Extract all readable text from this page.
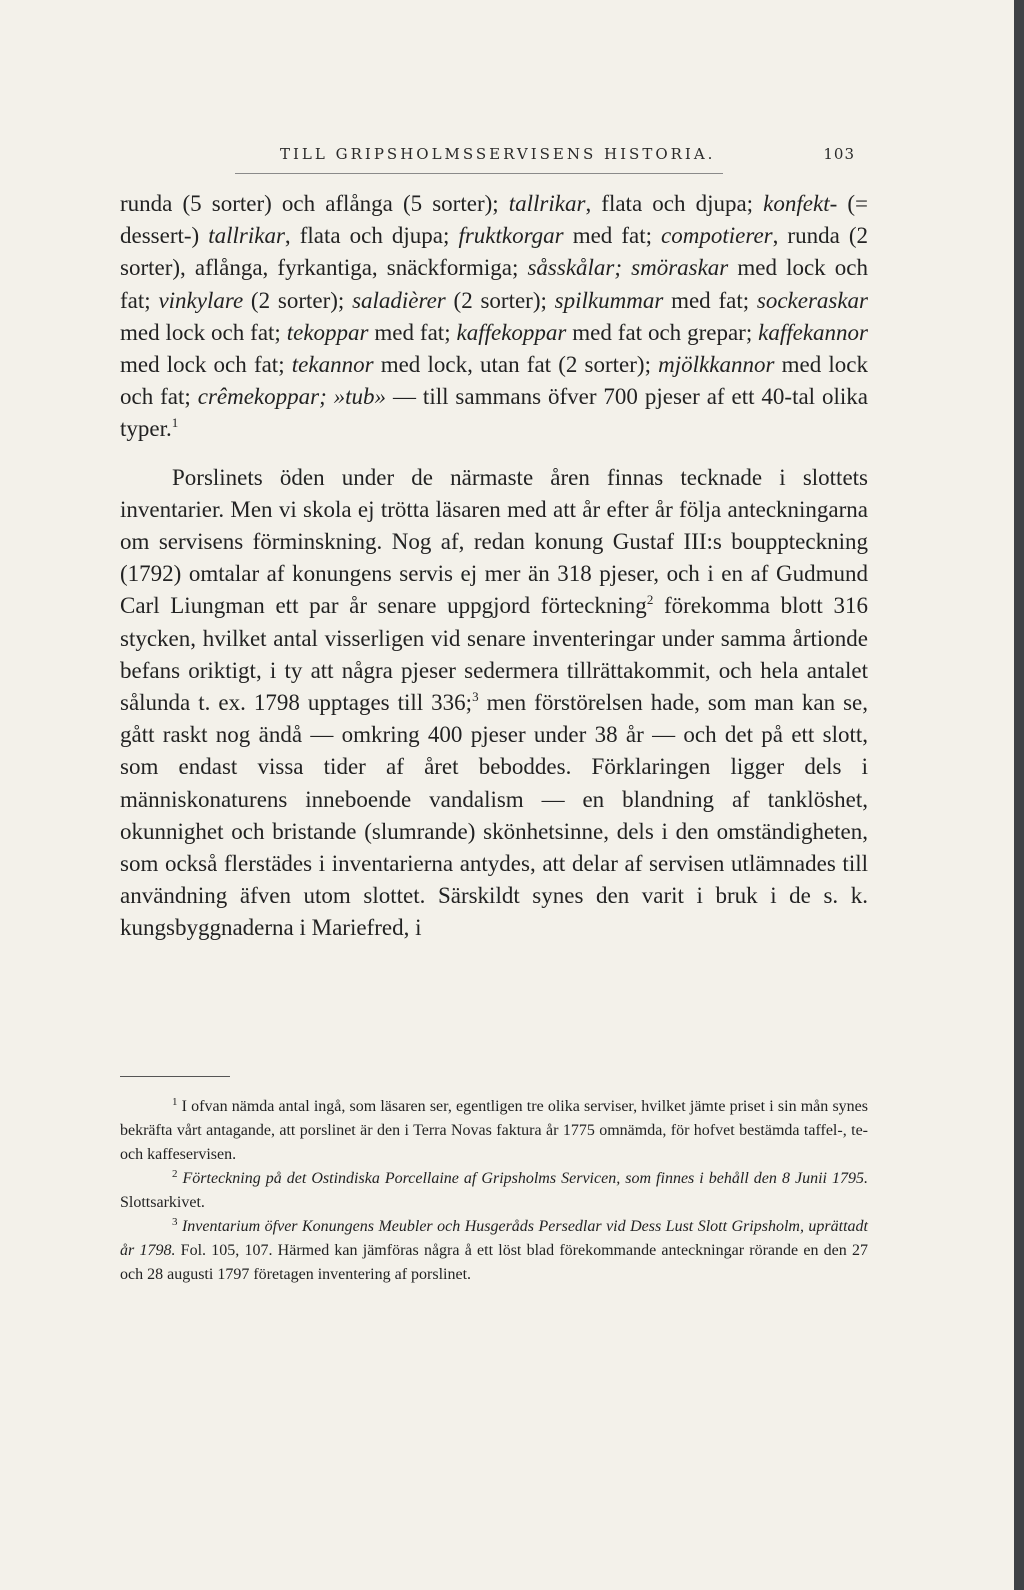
TILL GRIPSHOLMSSERVISENS HISTORIA.	103

runda (5 sorter) och aflånga (5 sorter); tallrikar, flata och djupa; konfekt- (= dessert-) tallrikar, flata och djupa; fruktkorgar med fat; compotierer, runda (2 sorter), aflånga, fyrkantiga, snäckformiga; såsskålar; smöraskar med lock och fat; vinkylare (2 sorter); saladièrer (2 sorter); spilkummar med fat; sockeraskar med lock och fat; tekoppar med fat; kaffekoppar med fat och grepar; kaffekannor med lock och fat; tekannor med lock, utan fat (2 sorter); mjölkkannor med lock och fat; crêmekoppar; »tub» — till sammans öfver 700 pjeser af ett 40-tal olika typer.$^1$

Porslinets öden under de närmaste åren finnas tecknade i slottets inventarier. Men vi skola ej trötta läsaren med att år efter år följa anteckningarna om servisens förminskning. Nog af, redan konung Gustaf III:s bouppteckning (1792) omtalar af konungens servis ej mer än 318 pjeser, och i en af Gudmund Carl Liungman ett par år senare uppgjord förteckning$^2$ förekomma blott 316 stycken, hvilket antal visserligen vid senare inventeringar under samma årtionde befans oriktigt, i ty att några pjeser sedermera tillrättakommit, och hela antalet sålunda t. ex. 1798 upptages till 336;$^3$ men förstörelsen hade, som man kan se, gått raskt nog ändå — omkring 400 pjeser under 38 år — och det på ett slott, som endast vissa tider af året beboddes. Förklaringen ligger dels i människonaturens inneboende vandalism — en blandning af tanklöshet, okunnighet och bristande (slumrande) skönhetsinne, dels i den omständigheten, som också flerstädes i inventarierna antydes, att delar af servisen utlämnades till användning äfven utom slottet. Särskildt synes den varit i bruk i de s. k. kungsbyggnaderna i Mariefred, i

$^1$ I ofvan nämda antal ingå, som läsaren ser, egentligen tre olika serviser, hvilket jämte priset i sin mån synes bekräfta vårt antagande, att porslinet är den i Terra Novas faktura år 1775 omnämda, för hofvet bestämda taffel-, te- och kaffeservisen.

$^2$ Förteckning på det Ostindiska Porcellaine af Gripsholms Servicen, som finnes i behåll den 8 Junii 1795. Slottsarkivet.

$^3$ Inventarium öfver Konungens Meubler och Husgeråds Persedlar vid Dess Lust Slott Gripsholm, uprättadt år 1798. Fol. 105, 107. Härmed kan jämföras några å ett löst blad förekommande anteckningar rörande en den 27 och 28 augusti 1797 företagen inventering af porslinet.
